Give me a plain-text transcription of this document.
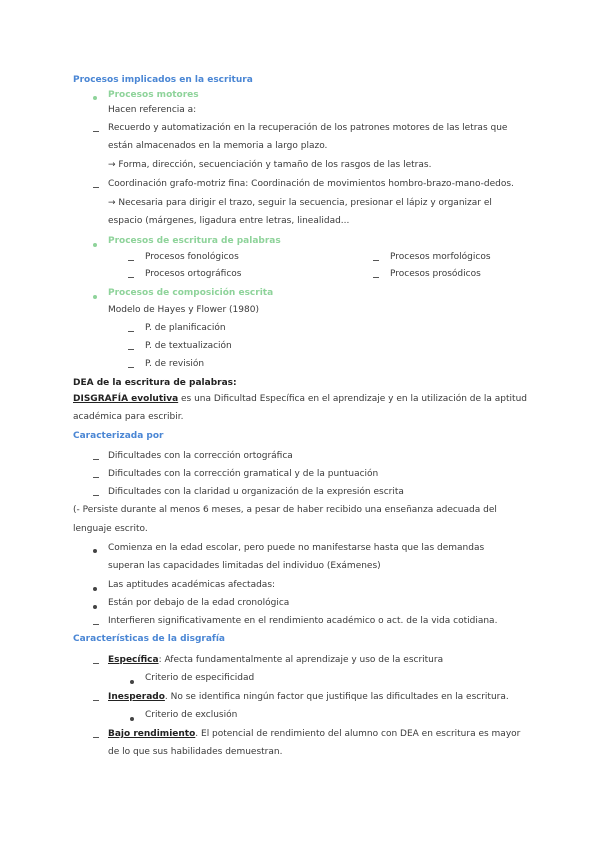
Procesos implicados en la escritura
Procesos motores
Hacen referencia a:
Recuerdo y automatización en la recuperación de los patrones motores de las letras que
están almacenados en la memoria a largo plazo.
→ Forma, dirección, secuenciación y tamaño de los rasgos de las letras.
Coordinación grafo-motriz fina: Coordinación de movimientos hombro-brazo-mano-dedos.
→ Necesaria para dirigir el trazo, seguir la secuencia, presionar el lápiz y organizar el
espacio (márgenes, ligadura entre letras, linealidad...
Procesos de escritura de palabras
Procesos fonológicos
Procesos ortográficos
Procesos morfológicos
Procesos prosódicos
Procesos de composición escrita
Modelo de Hayes y Flower (1980)
P. de planificación
P. de textualización
P. de revisión
DEA de la escritura de palabras:
DISGRAFÍA evolutiva es una Dificultad Específica en el aprendizaje y en la utilización de la aptitud
académica para escribir.
Caracterizada por
Dificultades con la corrección ortográfica
Dificultades con la corrección gramatical y de la puntuación
Dificultades con la claridad u organización de la expresión escrita
(- Persiste durante al menos 6 meses, a pesar de haber recibido una enseñanza adecuada del
lenguaje escrito.
Comienza en la edad escolar, pero puede no manifestarse hasta que las demandas
superan las capacidades limitadas del individuo (Exámenes)
Las aptitudes académicas afectadas:
Están por debajo de la edad cronológica
Interfieren significativamente en el rendimiento académico o act. de la vida cotidiana.
Características de la disgrafía
Específica: Afecta fundamentalmente al aprendizaje y uso de la escritura
Criterio de especificidad
Inesperado. No se identifica ningún factor que justifique las dificultades en la escritura.
Criterio de exclusión
Bajo rendimiento. El potencial de rendimiento del alumno con DEA en escritura es mayor
de lo que sus habilidades demuestran.
